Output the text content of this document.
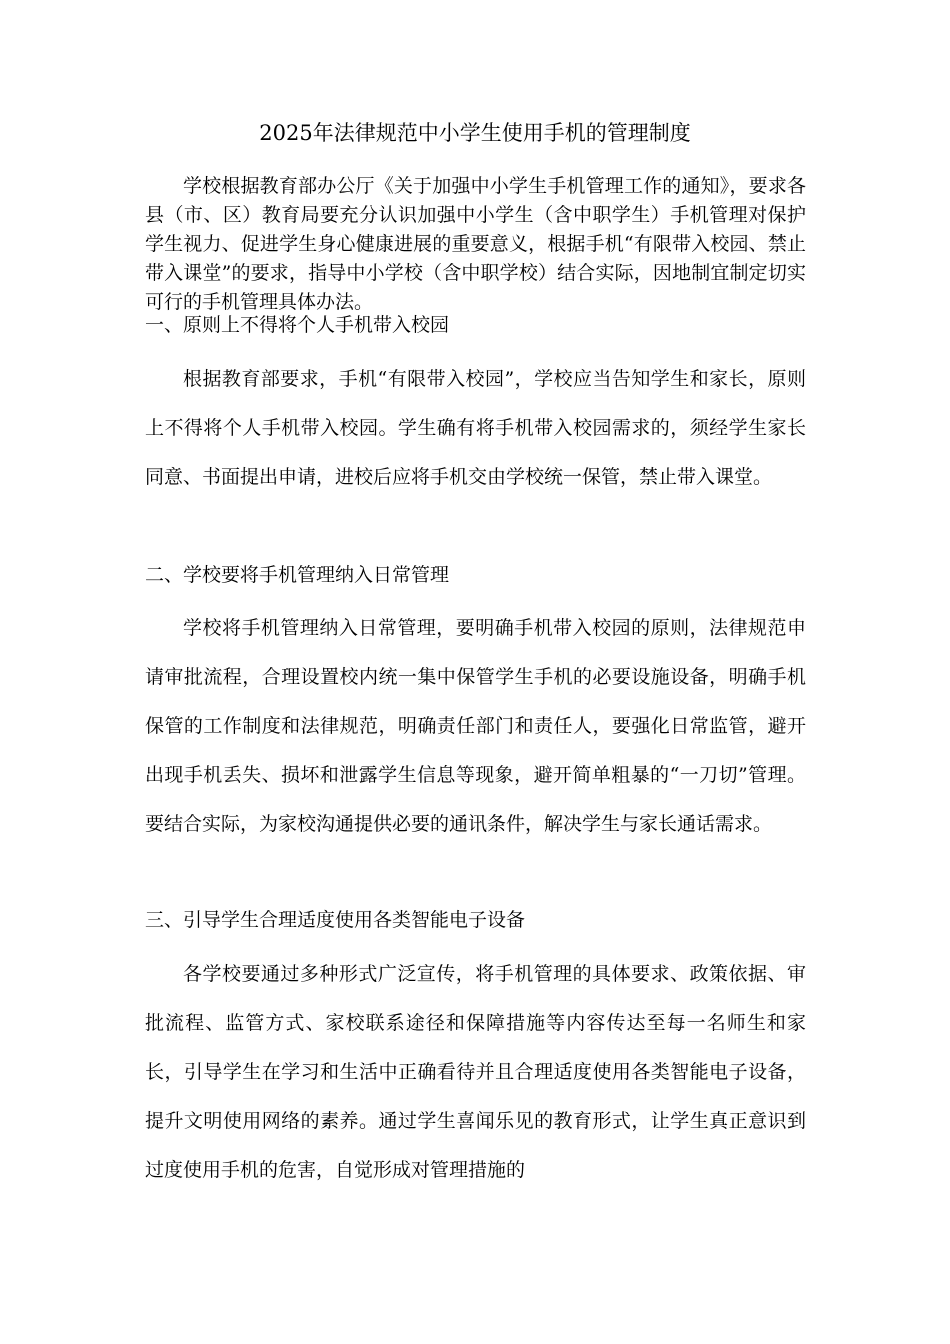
2025年法律规范中小学生使用手机的管理制度
学校根据教育部办公厅《关于加强中小学生手机管理工作的通知》，要求各县（市、区）教育局要充分认识加强中小学生（含中职学生）手机管理对保护学生视力、促进学生身心健康进展的重要意义，根据手机“有限带入校园、禁止带入课堂”的要求，指导中小学校（含中职学校）结合实际，因地制宜制定切实可行的手机管理具体办法。
一、原则上不得将个人手机带入校园
根据教育部要求，手机“有限带入校园”，学校应当告知学生和家长，原则上不得将个人手机带入校园。学生确有将手机带入校园需求的，须经学生家长同意、书面提出申请，进校后应将手机交由学校统一保管，禁止带入课堂。
二、学校要将手机管理纳入日常管理
学校将手机管理纳入日常管理，要明确手机带入校园的原则，法律规范申请审批流程，合理设置校内统一集中保管学生手机的必要设施设备，明确手机保管的工作制度和法律规范，明确责任部门和责任人，要强化日常监管，避开出现手机丢失、损坏和泄露学生信息等现象，避开简单粗暴的“一刀切”管理。要结合实际，为家校沟通提供必要的通讯条件，解决学生与家长通话需求。
三、引导学生合理适度使用各类智能电子设备
各学校要通过多种形式广泛宣传，将手机管理的具体要求、政策依据、审批流程、监管方式、家校联系途径和保障措施等内容传达至每一名师生和家长，引导学生在学习和生活中正确看待并且合理适度使用各类智能电子设备，提升文明使用网络的素养。通过学生喜闻乐见的教育形式，让学生真正意识到过度使用手机的危害，自觉形成对管理措施的
